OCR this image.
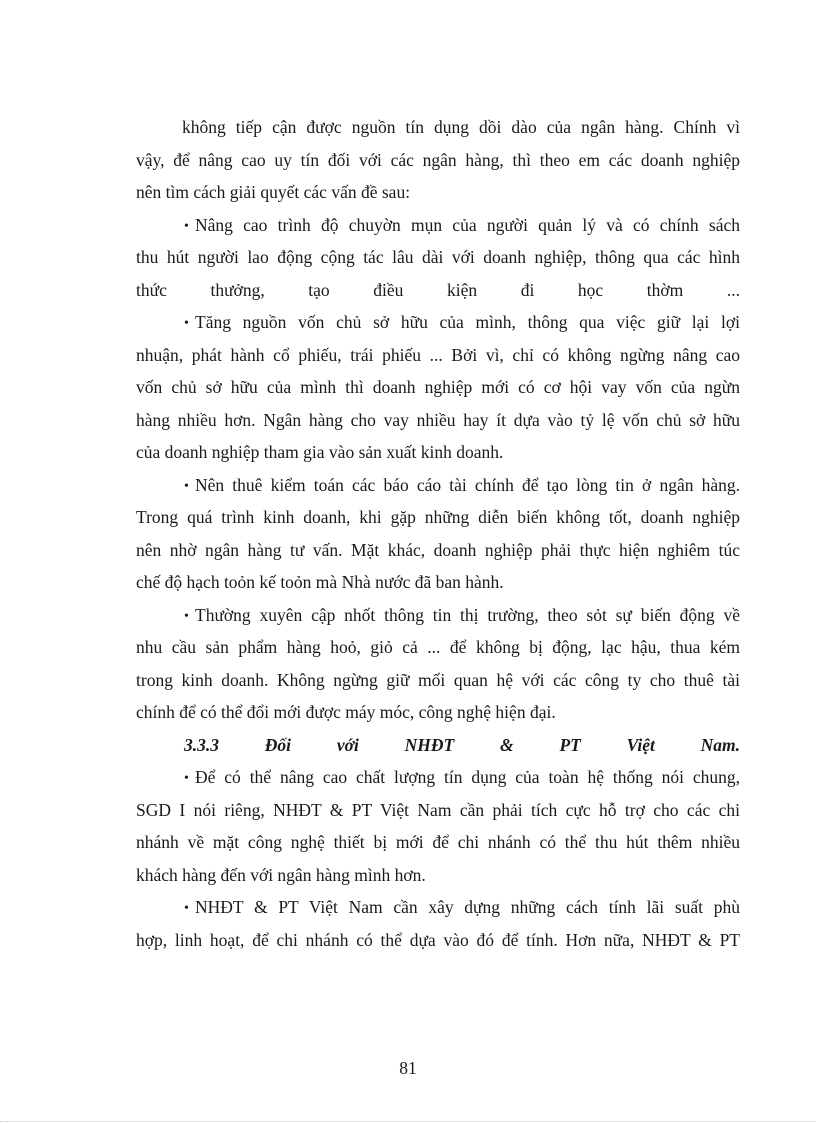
không tiếp cận được nguồn tín dụng dồi dào của ngân hàng. Chính vì
vậy, để nâng cao uy tín đối với các ngân hàng, thì theo em các doanh nghiệp
nên tìm cách giải quyết các vấn đề sau:
• Nâng cao trình độ chuyờn mụn của người quản lý và có chính sách
thu hút người lao động cộng tác lâu dài với doanh nghiệp, thông qua các hình
thức thưởng, tạo điều kiện đi học thờm ...
• Tăng nguồn vốn chủ sở hữu của mình, thông qua việc giữ lại lợi
nhuận, phát hành cổ phiếu, trái phiếu ... Bởi vì, chỉ có không ngừng nâng cao
vốn chủ sở hữu của mình thì doanh nghiệp mới có cơ hội vay vốn của ngừn
hàng nhiều hơn. Ngân hàng cho vay nhiều hay ít dựa vào tỷ lệ vốn chủ sở hữu
của doanh nghiệp tham gia vào sản xuất kinh doanh.
• Nên thuê kiểm toán các báo cáo tài chính để tạo lòng tin ở ngân hàng.
Trong quá trình kinh doanh, khi gặp những diễn biến không tốt, doanh nghiệp
nên nhờ ngân hàng tư vấn. Mặt khác, doanh nghiệp phải thực hiện nghiêm túc
chế độ hạch toỏn kế toỏn mà Nhà nước đã ban hành.
• Thường xuyên cập nhốt thông tin thị trường, theo sỏt sự biến động về
nhu cầu sản phẩm hàng hoỏ, giỏ cả ... để không bị động, lạc hậu, thua kém
trong kinh doanh. Không ngừng giữ mối quan hệ với các công ty cho thuê tài
chính để có thể đổi mới được máy móc, công nghệ hiện đại.
3.3.3 Đối với NHĐT & PT Việt Nam.
• Để có thể nâng cao chất lượng tín dụng của toàn hệ thống nói chung,
SGD I nói riêng, NHĐT & PT Việt Nam cần phải tích cực hỗ trợ cho các chi
nhánh về mặt công nghệ thiết bị mới để chi nhánh có thể thu hút thêm nhiều
khách hàng đến với ngân hàng mình hơn.
• NHĐT & PT Việt Nam cần xây dựng những cách tính lãi suất phù
hợp, linh hoạt, để chi nhánh có thể dựa vào đó để tính. Hơn nữa, NHĐT & PT
81
